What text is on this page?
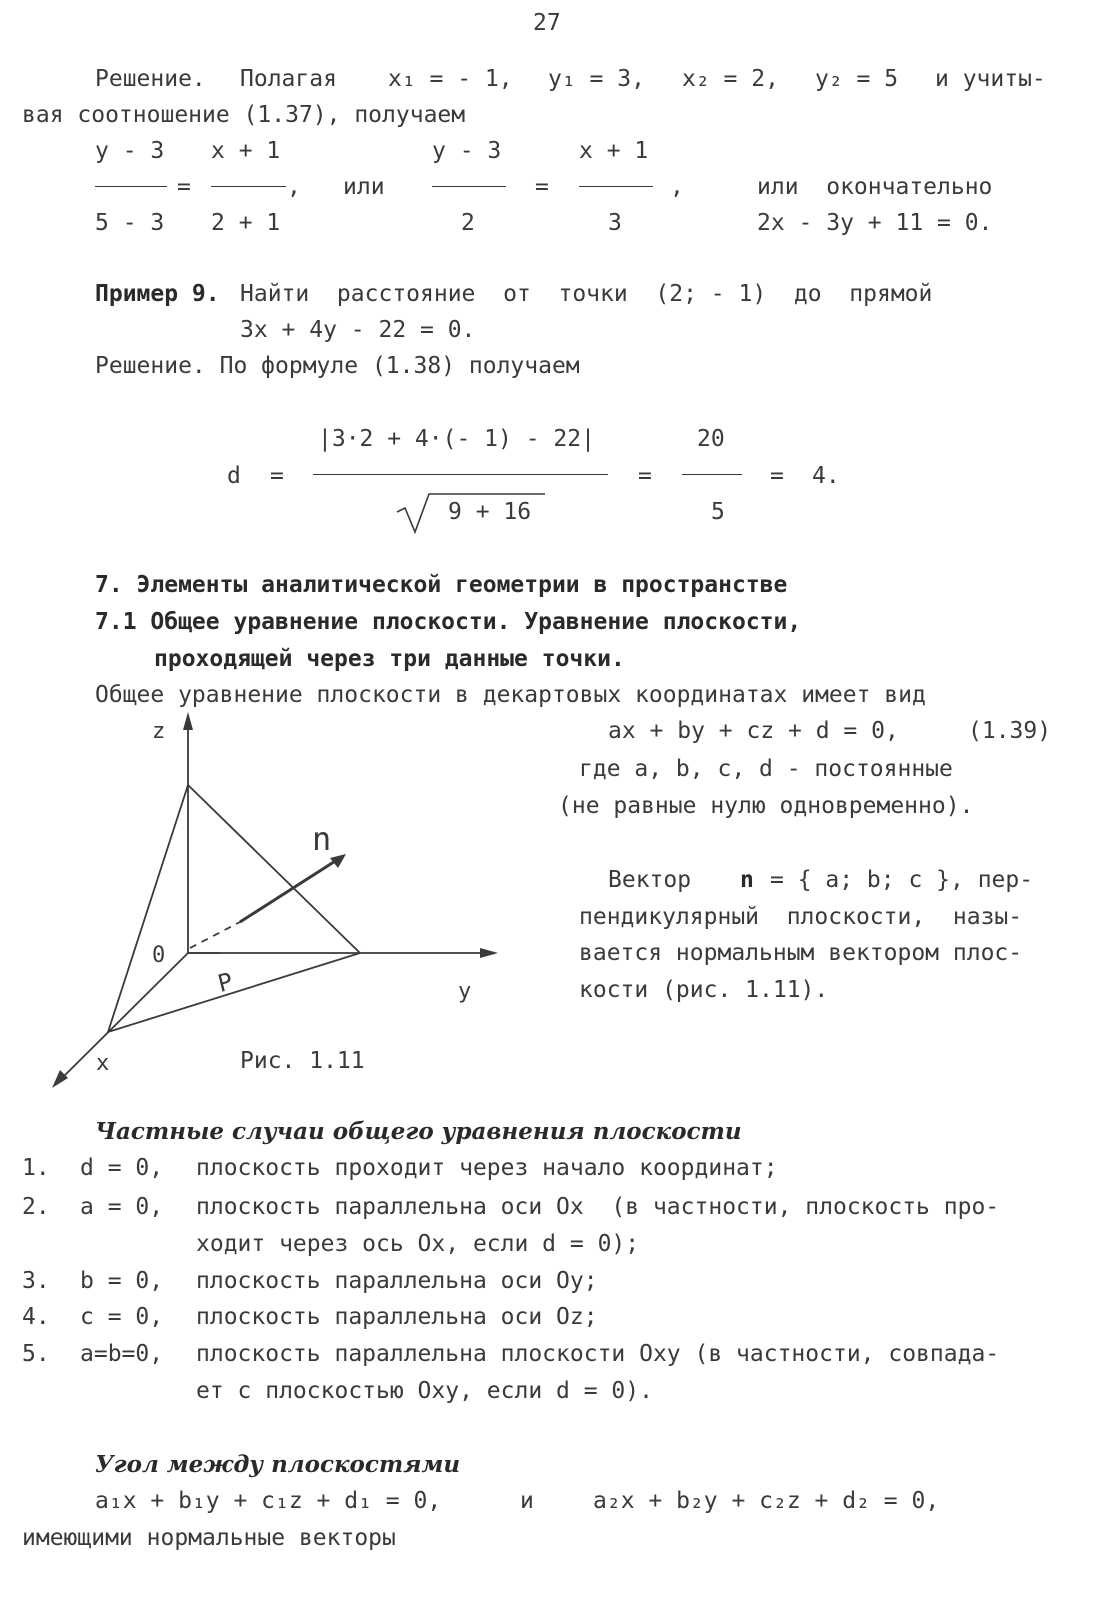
27
Решение. Полагая x₁ = - 1, y₁ = 3, x₂ = 2, y₂ = 5 и учиты-
вая соотношение (1.37), получаем
y - 3
5 - 3
=
x + 1
2 + 1
, или
y - 3
2
=
x + 1
3
,	или  окончательно
2x - 3y + 11 = 0.
Пример 9. Найти  расстояние  от  точки  (2; - 1)  до  прямой
3x + 4y - 22 = 0.
Решение. По формуле (1.38) получаем
d =
|3·2 + 4·(- 1) - 22|
9 + 16
=
20
5
= 4.
7. Элементы аналитической геометрии в пространстве
7.1 Общее уравнение плоскости. Уравнение плоскости,
проходящей через три данные точки.
Общее уравнение плоскости в декартовых координатах имеет вид
ax + by + cz + d = 0,	(1.39)
где a, b, c, d - постоянные
(не равные нулю одновременно).
Вектор n = { a; b; c }, пер-
пендикулярный  плоскости,  назы-
вается нормальным вектором плос-
кости (рис. 1.11).
z
y
x
0
n
P
Рис. 1.11
Частные случаи общего уравнения плоскости
1. d = 0, плоскость проходит через начало координат;
2. a = 0, плоскость параллельна оси Ox  (в частности, плоскость про-
ходит через ось Ox, если d = 0);
3. b = 0, плоскость параллельна оси Oy;
4. c = 0, плоскость параллельна оси Oz;
5. a=b=0, плоскость параллельна плоскости Oxy (в частности, совпада-
ет с плоскостью Oxy, если d = 0).
Угол между плоскостями
a₁x + b₁y + c₁z + d₁ = 0,	и	a₂x + b₂y + c₂z + d₂ = 0,
имеющими нормальные векторы
